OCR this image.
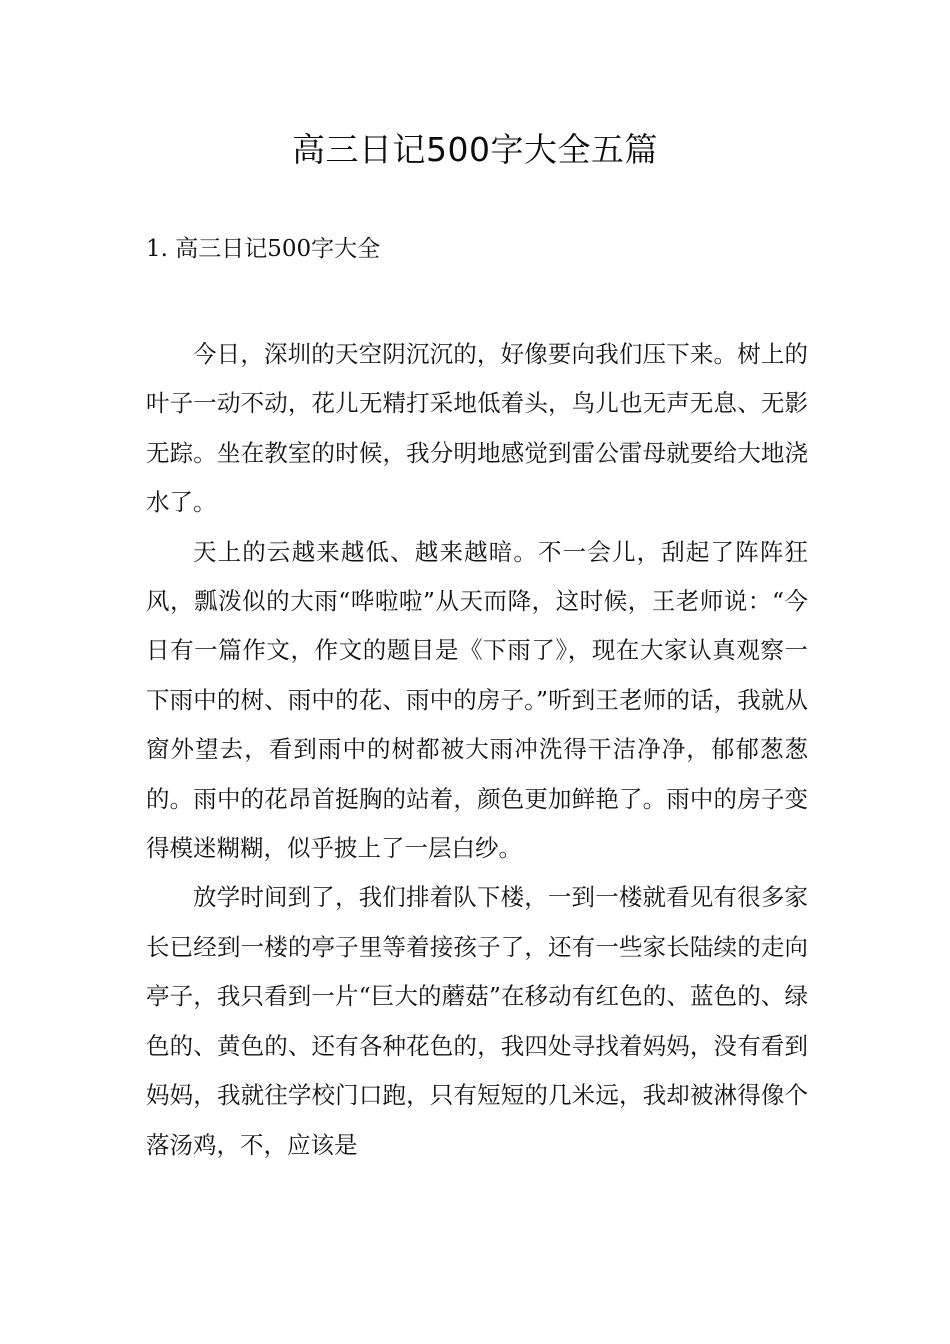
高三日记500字大全五篇
1. 高三日记500字大全

今日，深圳的天空阴沉沉的，好像要向我们压下来。树上的叶子一动不动，花儿无精打采地低着头，鸟儿也无声无息、无影无踪。坐在教室的时候，我分明地感觉到雷公雷母就要给大地浇水了。

天上的云越来越低、越来越暗。不一会儿，刮起了阵阵狂风，瓢泼似的大雨“哗啦啦”从天而降，这时候，王老师说：“今日有一篇作文，作文的题目是《下雨了》，现在大家认真观察一下雨中的树、雨中的花、雨中的房子。”听到王老师的话，我就从窗外望去，看到雨中的树都被大雨冲洗得干洁净净，郁郁葱葱的。雨中的花昂首挺胸的站着，颜色更加鲜艳了。雨中的房子变得模迷糊糊，似乎披上了一层白纱。

放学时间到了，我们排着队下楼，一到一楼就看见有很多家长已经到一楼的亭子里等着接孩子了，还有一些家长陆续的走向亭子，我只看到一片“巨大的蘑菇”在移动有红色的、蓝色的、绿色的、黄色的、还有各种花色的，我四处寻找着妈妈，没有看到妈妈，我就往学校门口跑，只有短短的几米远，我却被淋得像个落汤鸡，不，应该是
